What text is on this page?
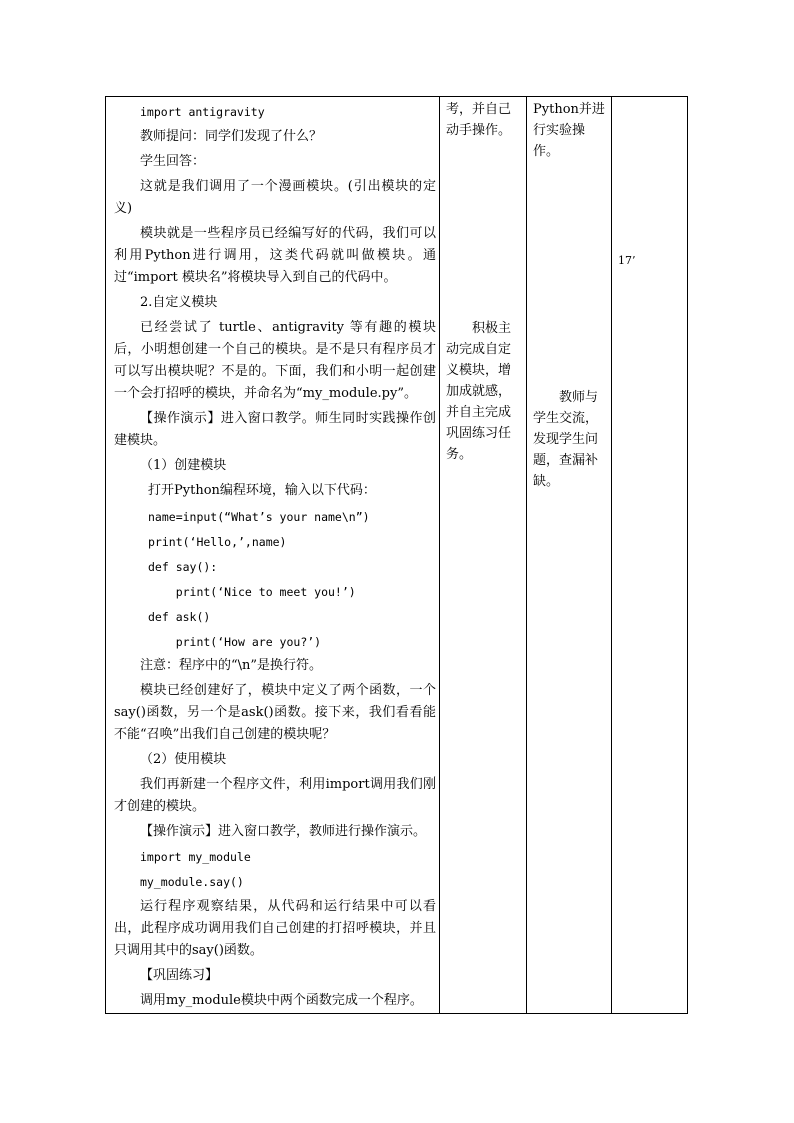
import antigravity
教师提问：同学们发现了什么？
学生回答：
这就是我们调用了一个漫画模块。(引出模块的定义)
模块就是一些程序员已经编写好的代码，我们可以利用Python进行调用，这类代码就叫做模块。通过“import 模块名”将模块导入到自己的代码中。
2.自定义模块
已经尝试了 turtle、antigravity 等有趣的模块后，小明想创建一个自己的模块。是不是只有程序员才可以写出模块呢？不是的。下面，我们和小明一起创建一个会打招呼的模块，并命名为“my_module.py”。
【操作演示】进入窗口教学。师生同时实践操作创建模块。
（1）创建模块
打开Python编程环境，输入以下代码：
name=input(“What’s your name\n”)
print(‘Hello,’,name)
def say():
print(‘Nice to meet you!’)
def ask()
print(‘How are you?’)
注意：程序中的“\n”是换行符。
模块已经创建好了，模块中定义了两个函数，一个say()函数，另一个是ask()函数。接下来，我们看看能不能“召唤”出我们自己创建的模块呢？
（2）使用模块
我们再新建一个程序文件，利用import调用我们刚才创建的模块。
【操作演示】进入窗口教学，教师进行操作演示。
import my_module
my_module.say()
运行程序观察结果，从代码和运行结果中可以看出，此程序成功调用我们自己创建的打招呼模块，并且只调用其中的say()函数。
【巩固练习】
调用my_module模块中两个函数完成一个程序。
考，并自己动手操作。
积极主动完成自定义模块，增加成就感，并自主完成巩固练习任务。
Python并进行实验操作。
教师与学生交流，发现学生问题，查漏补缺。
17’
